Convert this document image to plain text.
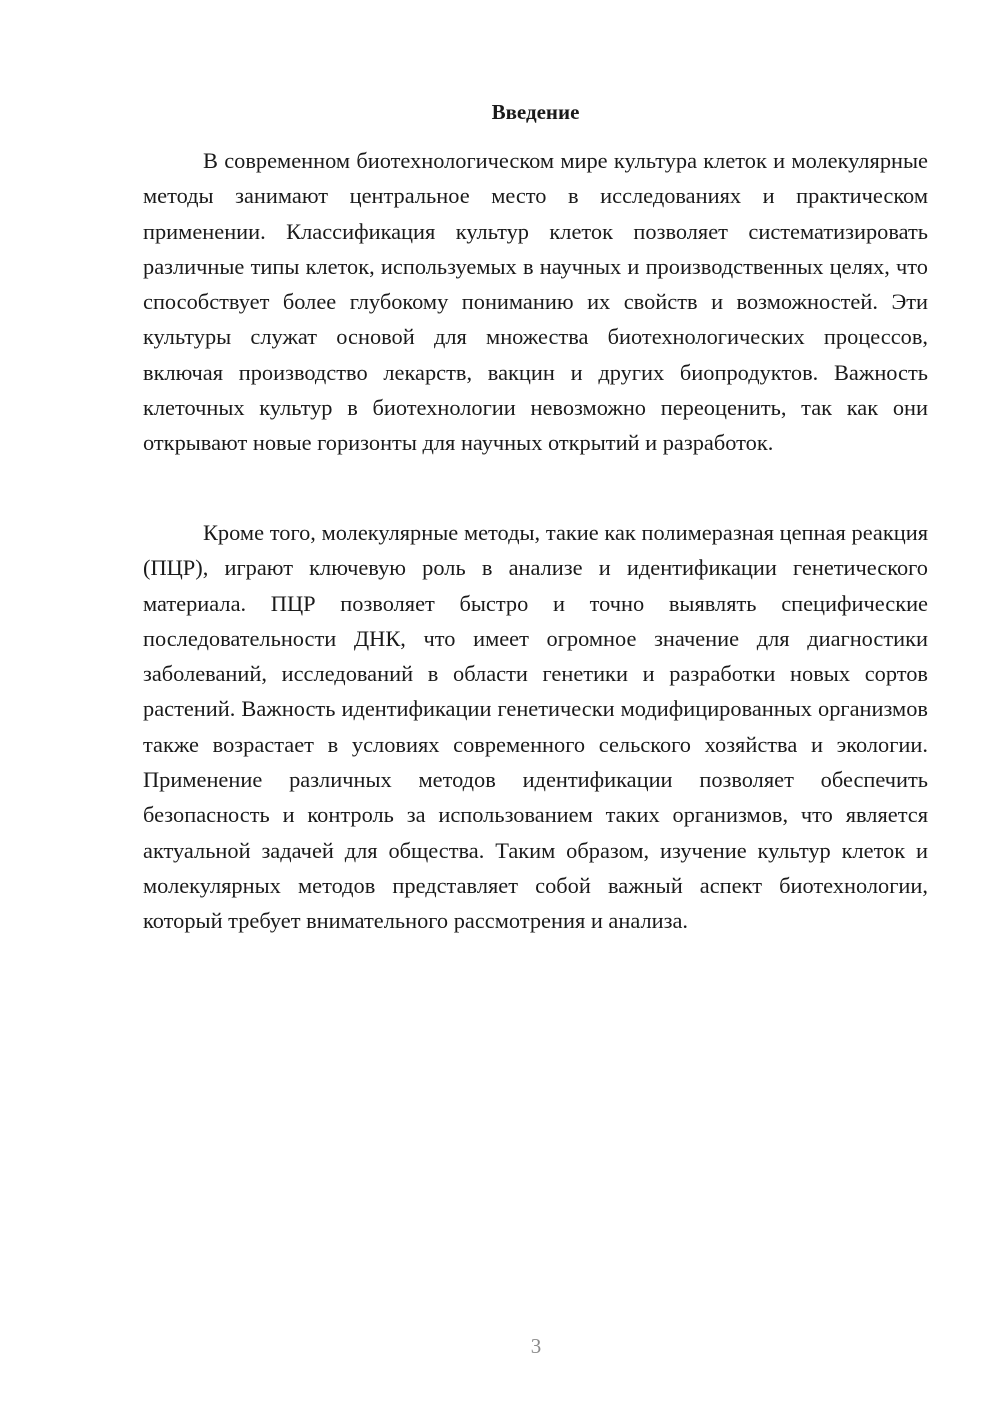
Введение

В современном биотехнологическом мире культура клеток и молекулярные методы занимают центральное место в исследованиях и практическом применении. Классификация культур клеток позволяет систематизировать различные типы клеток, используемых в научных и производственных целях, что способствует более глубокому пониманию их свойств и возможностей. Эти культуры служат основой для множества биотехнологических процессов, включая производство лекарств, вакцин и других биопродуктов. Важность клеточных культур в биотехнологии невозможно переоценить, так как они открывают новые горизонты для научных открытий и разработок.

Кроме того, молекулярные методы, такие как полимеразная цепная реакция (ПЦР), играют ключевую роль в анализе и идентификации генетического материала. ПЦР позволяет быстро и точно выявлять специфические последовательности ДНК, что имеет огромное значение для диагностики заболеваний, исследований в области генетики и разработки новых сортов растений. Важность идентификации генетически модифицированных организмов также возрастает в условиях современного сельского хозяйства и экологии. Применение различных методов идентификации позволяет обеспечить безопасность и контроль за использованием таких организмов, что является актуальной задачей для общества. Таким образом, изучение культур клеток и молекулярных методов представляет собой важный аспект биотехнологии, который требует внимательного рассмотрения и анализа.

3
